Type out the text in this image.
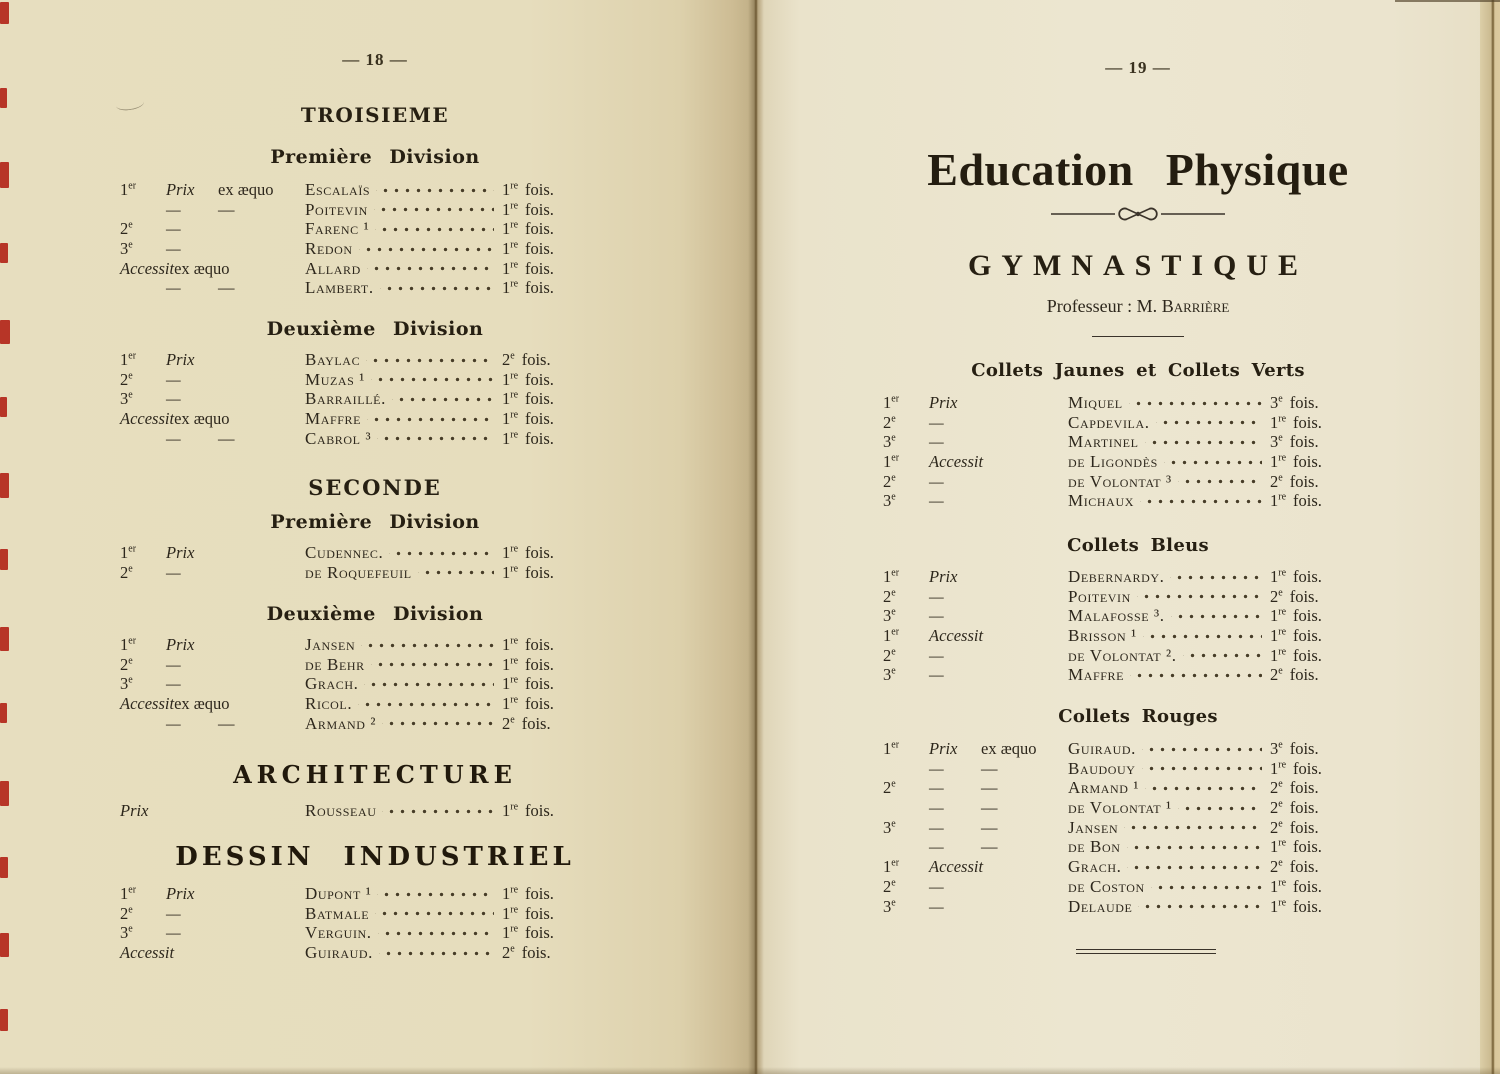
— 18 —
TROISIEME
Première Division
1er Prix ex æquo	Escalaïs	1re fois.
— —	Poitevin	1re fois.
2e —	Farenc ¹	1re fois.
3e —	Redon	1re fois.
Accessitex æquo	Allard	1re fois.
— —	Lambert.	1re fois.
Deuxième Division
1er Prix	Baylac	2e fois.
2e —	Muzas ¹	1re fois.
3e —	Barraillé.	1re fois.
Accessitex æquo	Maffre	1re fois.
— —	Cabrol ³	1re fois.
SECONDE
Première Division
1er Prix	Cudennec.	1re fois.
2e —	de Roquefeuil	1re fois.
Deuxième Division
1er Prix	Jansen	1re fois.
2e —	de Behr	1re fois.
3e —	Grach.	1re fois.
Accessitex æquo	Ricol.	1re fois.
— —	Armand ²	2e fois.
ARCHITECTURE
Prix	Rousseau	1re fois.
DESSIN INDUSTRIEL
1er Prix	Dupont ¹	1re fois.
2e —	Batmale	1re fois.
3e —	Verguin.	1re fois.
Accessit	Guiraud.	2e fois.
— 19 —
Education Physique
GYMNASTIQUE
Professeur : M. Barrière
Collets Jaunes et Collets Verts
1er Prix	Miquel	3e fois.
2e —	Capdevila.	1re fois.
3e —	Martinel	3e fois.
1er Accessit	de Ligondès	1re fois.
2e —	de Volontat ³	2e fois.
3e —	Michaux	1re fois.
Collets Bleus
1er Prix	Debernardy.	1re fois.
2e —	Poitevin	2e fois.
3e —	Malafosse ³.	1re fois.
1er Accessit	Brisson ¹	1re fois.
2e —	de Volontat ².	1re fois.
3e —	Maffre	2e fois.
Collets Rouges
1er Prix ex æquo	Guiraud.	3e fois.
— —	Baudouy	1re fois.
2e — —	Armand ¹	2e fois.
— —	de Volontat ¹	2e fois.
3e — —	Jansen	2e fois.
— —	de Bon	1re fois.
1er Accessit	Grach.	2e fois.
2e —	de Coston	1re fois.
3e —	Delaude	1re fois.
